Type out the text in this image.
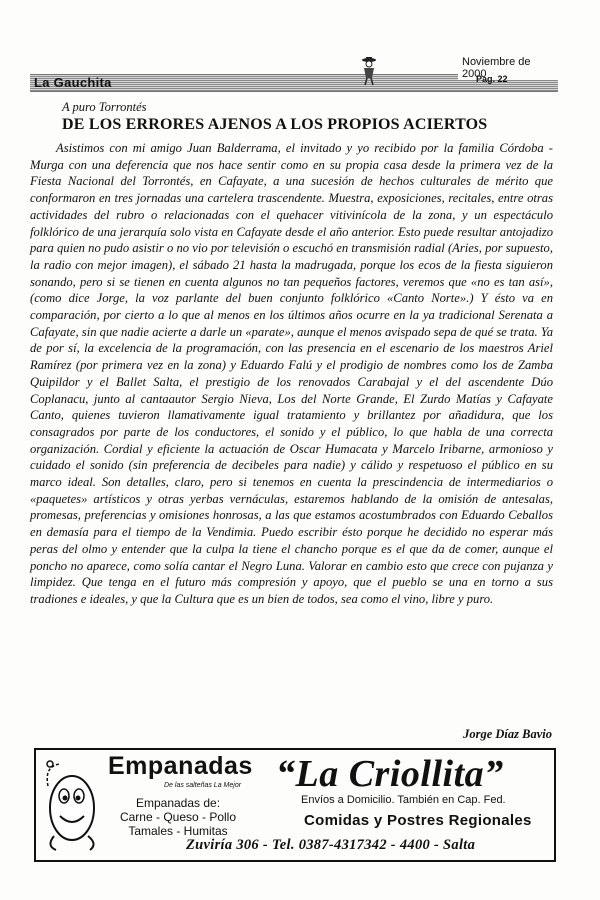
La Gauchita
Noviembre de 2000
Pag. 22
A puro Torrontés
DE LOS ERRORES AJENOS A LOS PROPIOS ACIERTOS
Asistimos con mi amigo Juan Balderrama, el invitado y yo recibido por la familia Córdoba - Murga con una deferencia que nos hace sentir como en su propia casa desde la primera vez de la Fiesta Nacional del Torrontés, en Cafayate, a una sucesión de hechos culturales de mérito que conformaron en tres jornadas una cartelera trascendente. Muestra, exposiciones, recitales, entre otras actividades del rubro o relacionadas con el quehacer vitivinícola de la zona, y un espectáculo folklórico de una jerarquía solo vista en Cafayate desde el año anterior. Esto puede resultar antojadizo para quien no pudo asistir o no vio por televisión o escuchó en transmisión radial (Aries, por supuesto, la radio con mejor imagen), el sábado 21 hasta la madrugada, porque los ecos de la fiesta siguieron sonando, pero si se tienen en cuenta algunos no tan pequeños factores, veremos que «no es tan así», (como dice Jorge, la voz parlante del buen conjunto folklórico «Canto Norte».) Y ésto va en comparación, por cierto a lo que al menos en los últimos años ocurre en la ya tradicional Serenata a Cafayate, sin que nadie acierte a darle un «parate», aunque el menos avispado sepa de qué se trata. Ya de por sí, la excelencia de la programación, con las presencia en el escenario de los maestros Ariel Ramírez (por primera vez en la zona) y Eduardo Falú y el prodigio de nombres como los de Zamba Quipildor y el Ballet Salta, el prestigio de los renovados Carabajal y el del ascendente Dúo Coplanacu, junto al cantaautor Sergio Nieva, Los del Norte Grande, El Zurdo Matías y Cafayate Canto, quienes tuvieron llamativamente igual tratamiento y brillantez por añadidura, que los consagrados por parte de los conductores, el sonido y el público, lo que habla de una correcta organización. Cordial y eficiente la actuación de Oscar Humacata y Marcelo Iribarne, armonioso y cuidado el sonido (sin preferencia de decibeles para nadie) y cálido y respetuoso el público en su marco ideal. Son detalles, claro, pero si tenemos en cuenta la prescindencia de intermediarios o «paquetes» artísticos y otras yerbas vernáculas, estaremos hablando de la omisión de antesalas, promesas, preferencias y omisiones honrosas, a las que estamos acostumbrados con Eduardo Ceballos en demasía para el tiempo de la Vendimia. Puedo escribir ésto porque he decidido no esperar más peras del olmo y entender que la culpa la tiene el chancho porque es el que da de comer, aunque el poncho no aparece, como solía cantar el Negro Luna. Valorar en cambio esto que crece con pujanza y limpidez. Que tenga en el futuro más compresión y apoyo, que el pueblo se una en torno a sus tradiones e ideales, y que la Cultura que es un bien de todos, sea como el vino, libre y puro.
Jorge Díaz Bavio
Empanadas
De las salteñas La Mejor “La Criollita”
Empanadas de:
Carne - Queso - Pollo
Tamales - Humitas
Envíos a Domicilio. También en Cap. Fed.
Comidas y Postres Regionales
Zuviría 306 - Tel. 0387-4317342 - 4400 - Salta
